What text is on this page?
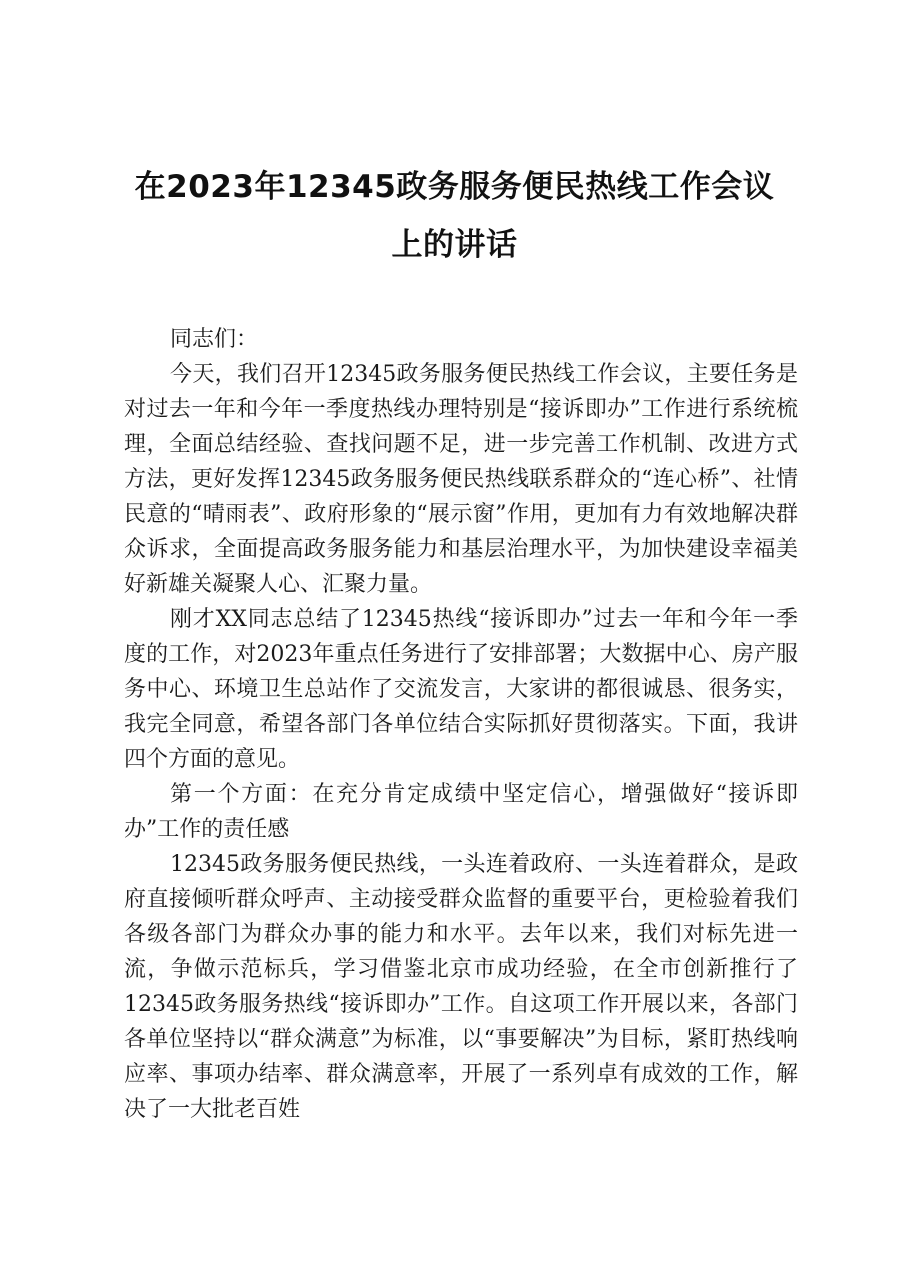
在2023年12345政务服务便民热线工作会议
上的讲话

同志们：

今天，我们召开12345政务服务便民热线工作会议，主要任务是对过去一年和今年一季度热线办理特别是“接诉即办”工作进行系统梳理，全面总结经验、查找问题不足，进一步完善工作机制、改进方式方法，更好发挥12345政务服务便民热线联系群众的“连心桥”、社情民意的“晴雨表”、政府形象的“展示窗”作用，更加有力有效地解决群众诉求，全面提高政务服务能力和基层治理水平，为加快建设幸福美好新雄关凝聚人心、汇聚力量。

刚才XX同志总结了12345热线“接诉即办”过去一年和今年一季度的工作，对2023年重点任务进行了安排部署；大数据中心、房产服务中心、环境卫生总站作了交流发言，大家讲的都很诚恳、很务实，我完全同意，希望各部门各单位结合实际抓好贯彻落实。下面，我讲四个方面的意见。

第一个方面：在充分肯定成绩中坚定信心，增强做好“接诉即办”工作的责任感

12345政务服务便民热线，一头连着政府、一头连着群众，是政府直接倾听群众呼声、主动接受群众监督的重要平台，更检验着我们各级各部门为群众办事的能力和水平。去年以来，我们对标先进一流，争做示范标兵，学习借鉴北京市成功经验，在全市创新推行了12345政务服务热线“接诉即办”工作。自这项工作开展以来，各部门各单位坚持以“群众满意”为标准，以“事要解决”为目标，紧盯热线响应率、事项办结率、群众满意率，开展了一系列卓有成效的工作，解决了一大批老百姓
